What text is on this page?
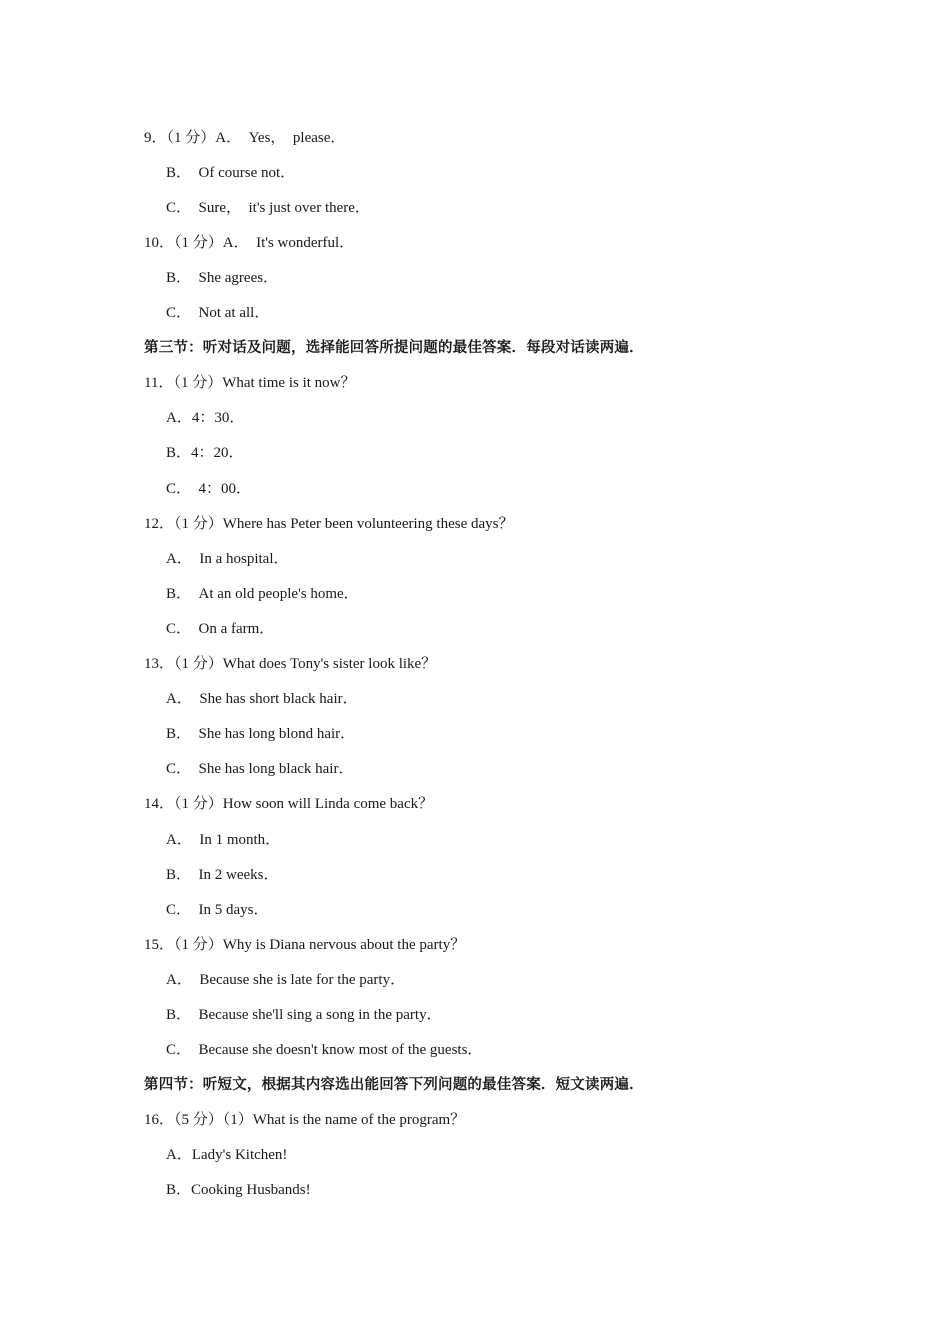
9．（1 分）A．　Yes，　please．
B．　Of course not．
C．　Sure，　it's just over there．
10．（1 分）A．　It's wonderful．
B．　She agrees．
C．　Not at all．
第三节：听对话及问题，选择能回答所提问题的最佳答案．每段对话读两遍．
11．（1 分）What time is it now？
A．4：30．
B．4：20．
C．　4：00．
12．（1 分）Where has Peter been volunteering these days？
A．　In a hospital．
B．　At an old people's home．
C．　On a farm．
13．（1 分）What does Tony's sister look like？
A．　She has short black hair．
B．　She has long blond hair．
C．　She has long black hair．
14．（1 分）How soon will Linda come back？
A．　In 1 month．
B．　In 2 weeks．
C．　In 5 days．
15．（1 分）Why is Diana nervous about the party？
A．　Because she is late for the party．
B．　Because she'll sing a song in the party．
C．　Because she doesn't know most of the guests．
第四节：听短文，根据其内容选出能回答下列问题的最佳答案．短文读两遍．
16．（5 分）（1）What is the name of the program？
A．Lady's Kitchen!
B．Cooking Husbands!
